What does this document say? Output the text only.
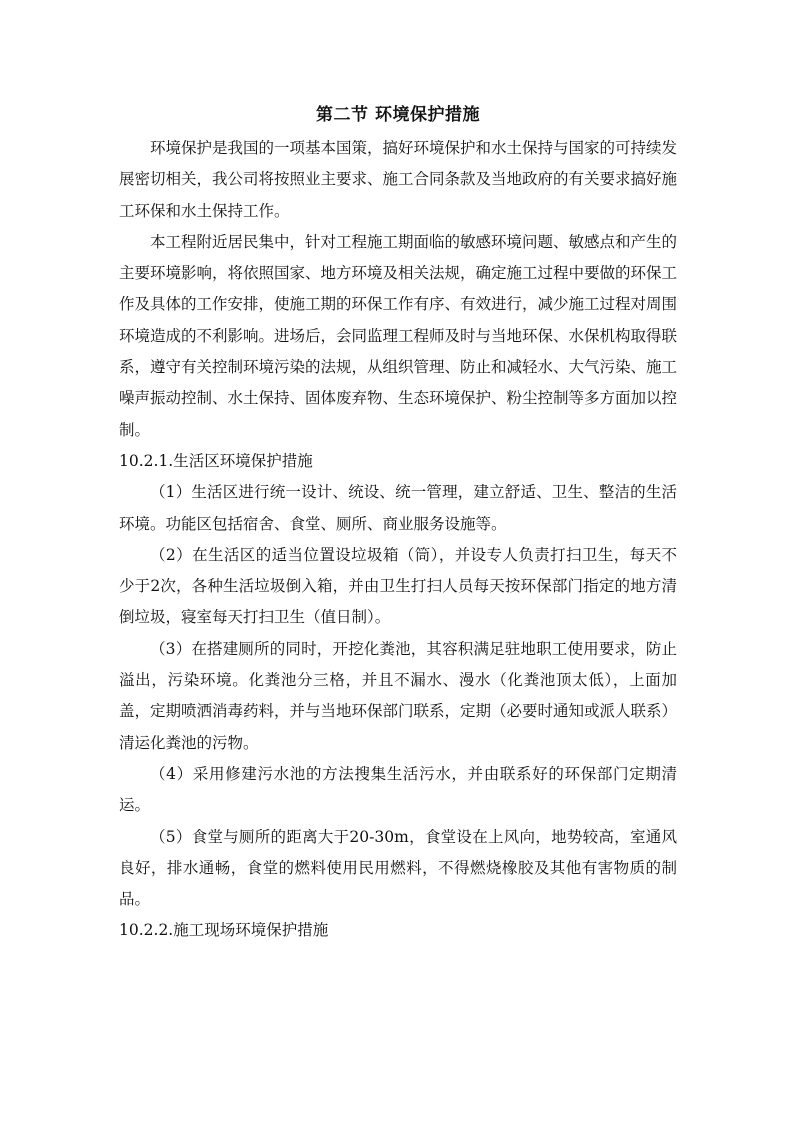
第二节 环境保护措施

环境保护是我国的一项基本国策，搞好环境保护和水土保持与国家的可持续发展密切相关，我公司将按照业主要求、施工合同条款及当地政府的有关要求搞好施工环保和水土保持工作。

本工程附近居民集中，针对工程施工期面临的敏感环境问题、敏感点和产生的主要环境影响，将依照国家、地方环境及相关法规，确定施工过程中要做的环保工作及具体的工作安排，使施工期的环保工作有序、有效进行，减少施工过程对周围环境造成的不利影响。进场后，会同监理工程师及时与当地环保、水保机构取得联系，遵守有关控制环境污染的法规，从组织管理、防止和减轻水、大气污染、施工噪声振动控制、水土保持、固体废弃物、生态环境保护、粉尘控制等多方面加以控制。

10.2.1.生活区环境保护措施

（1）生活区进行统一设计、统设、统一管理，建立舒适、卫生、整洁的生活环境。功能区包括宿舍、食堂、厕所、商业服务设施等。

（2）在生活区的适当位置设垃圾箱（筒），并设专人负责打扫卫生，每天不少于2次，各种生活垃圾倒入箱，并由卫生打扫人员每天按环保部门指定的地方清倒垃圾，寝室每天打扫卫生（值日制）。

（3）在搭建厕所的同时，开挖化粪池，其容积满足驻地职工使用要求，防止溢出，污染环境。化粪池分三格，并且不漏水、漫水（化粪池顶太低），上面加盖，定期喷洒消毒药料，并与当地环保部门联系，定期（必要时通知或派人联系）清运化粪池的污物。

（4）采用修建污水池的方法搜集生活污水，并由联系好的环保部门定期清运。

（5）食堂与厕所的距离大于20-30m，食堂设在上风向，地势较高，室通风良好，排水通畅，食堂的燃料使用民用燃料，不得燃烧橡胶及其他有害物质的制品。

10.2.2.施工现场环境保护措施
